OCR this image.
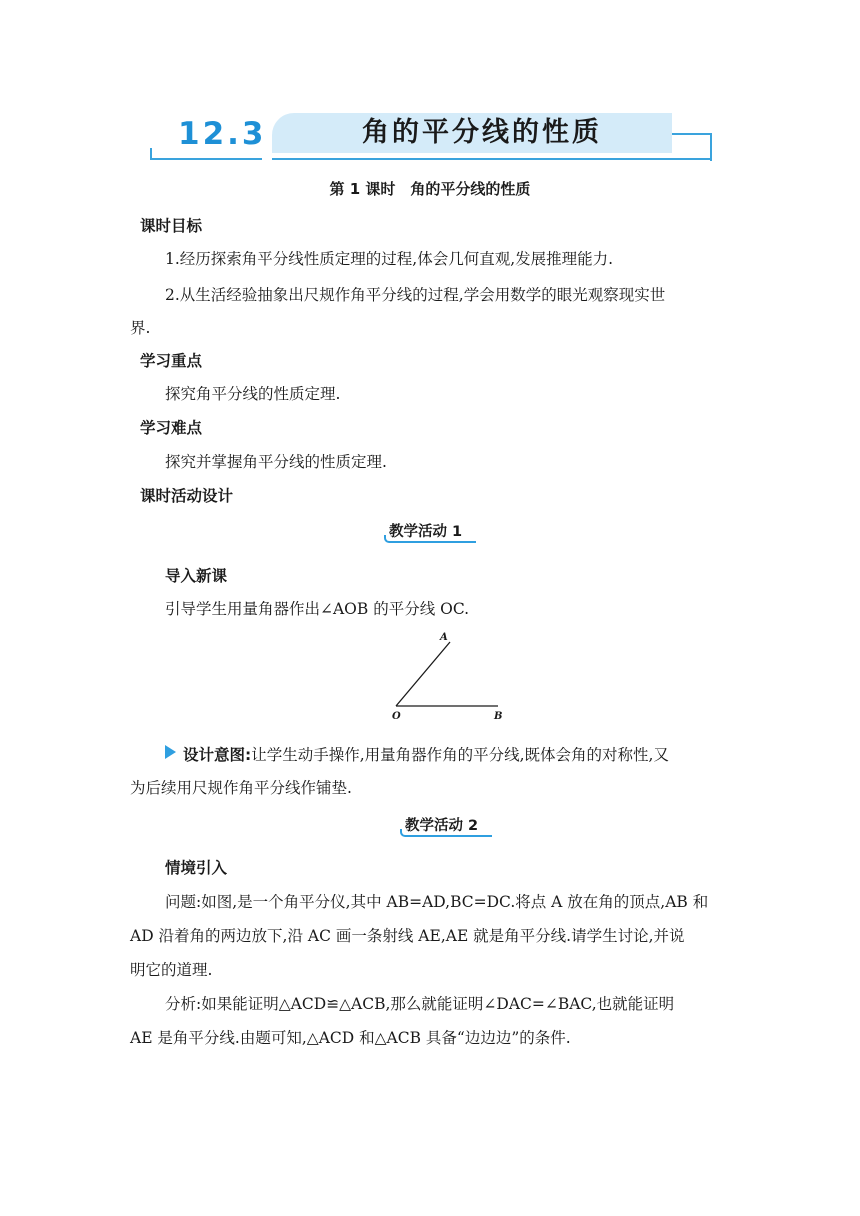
12.3	角的平分线的性质
第 1 课时　角的平分线的性质
课时目标
1.经历探索角平分线性质定理的过程,体会几何直观,发展推理能力.
2.从生活经验抽象出尺规作角平分线的过程,学会用数学的眼光观察现实世
界.
学习重点
探究角平分线的性质定理.
学习难点
探究并掌握角平分线的性质定理.
课时活动设计
教学活动 1
导入新课
引导学生用量角器作出∠AOB 的平分线 OC.
A
O	B
设计意图:让学生动手操作,用量角器作角的平分线,既体会角的对称性,又
为后续用尺规作角平分线作铺垫.
教学活动 2
情境引入
问题:如图,是一个角平分仪,其中 AB=AD,BC=DC.将点 A 放在角的顶点,AB 和
AD 沿着角的两边放下,沿 AC 画一条射线 AE,AE 就是角平分线.请学生讨论,并说
明它的道理.
分析:如果能证明△ACD≌△ACB,那么就能证明∠DAC=∠BAC,也就能证明
AE 是角平分线.由题可知,△ACD 和△ACB 具备“边边边”的条件.
